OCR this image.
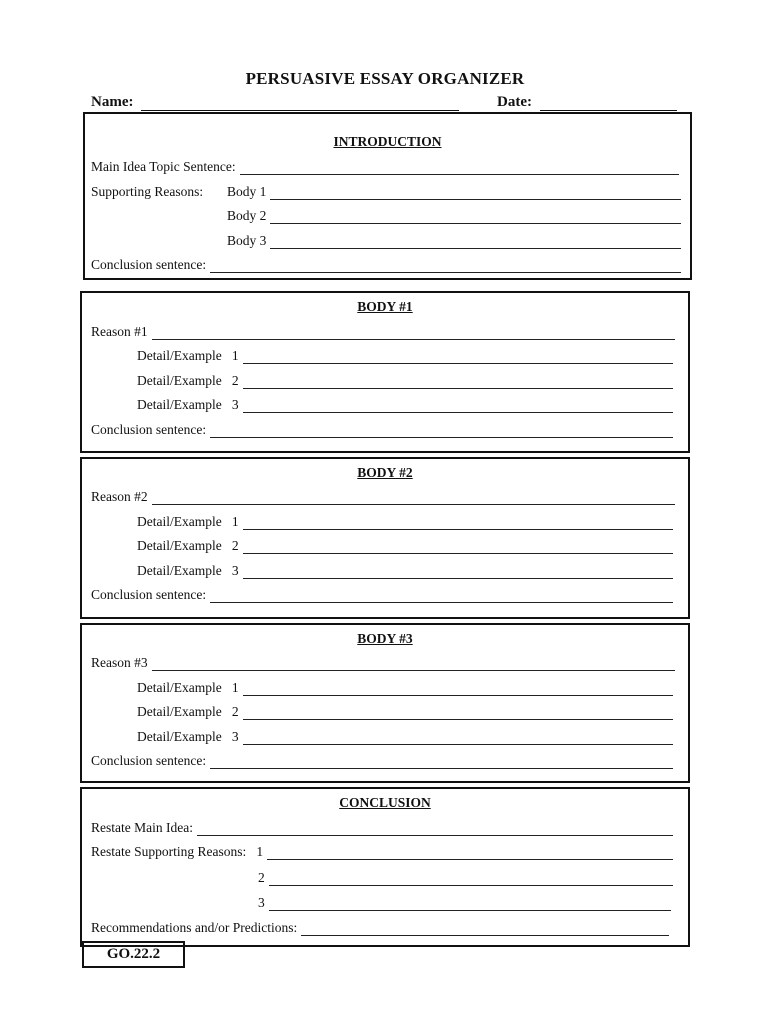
PERSUASIVE ESSAY ORGANIZER
Name:	Date:
INTRODUCTION
Main Idea Topic Sentence:
Supporting Reasons:	Body 1
Body 2
Body 3
Conclusion sentence:
BODY #1
Reason #1
Detail/Example   1
Detail/Example   2
Detail/Example   3
Conclusion sentence:
BODY #2
Reason #2
Detail/Example   1
Detail/Example   2
Detail/Example   3
Conclusion sentence:
BODY #3
Reason #3
Detail/Example   1
Detail/Example   2
Detail/Example   3
Conclusion sentence:
CONCLUSION
Restate Main Idea:
Restate Supporting Reasons:   1
2
3
Recommendations and/or Predictions:
GO.22.2
